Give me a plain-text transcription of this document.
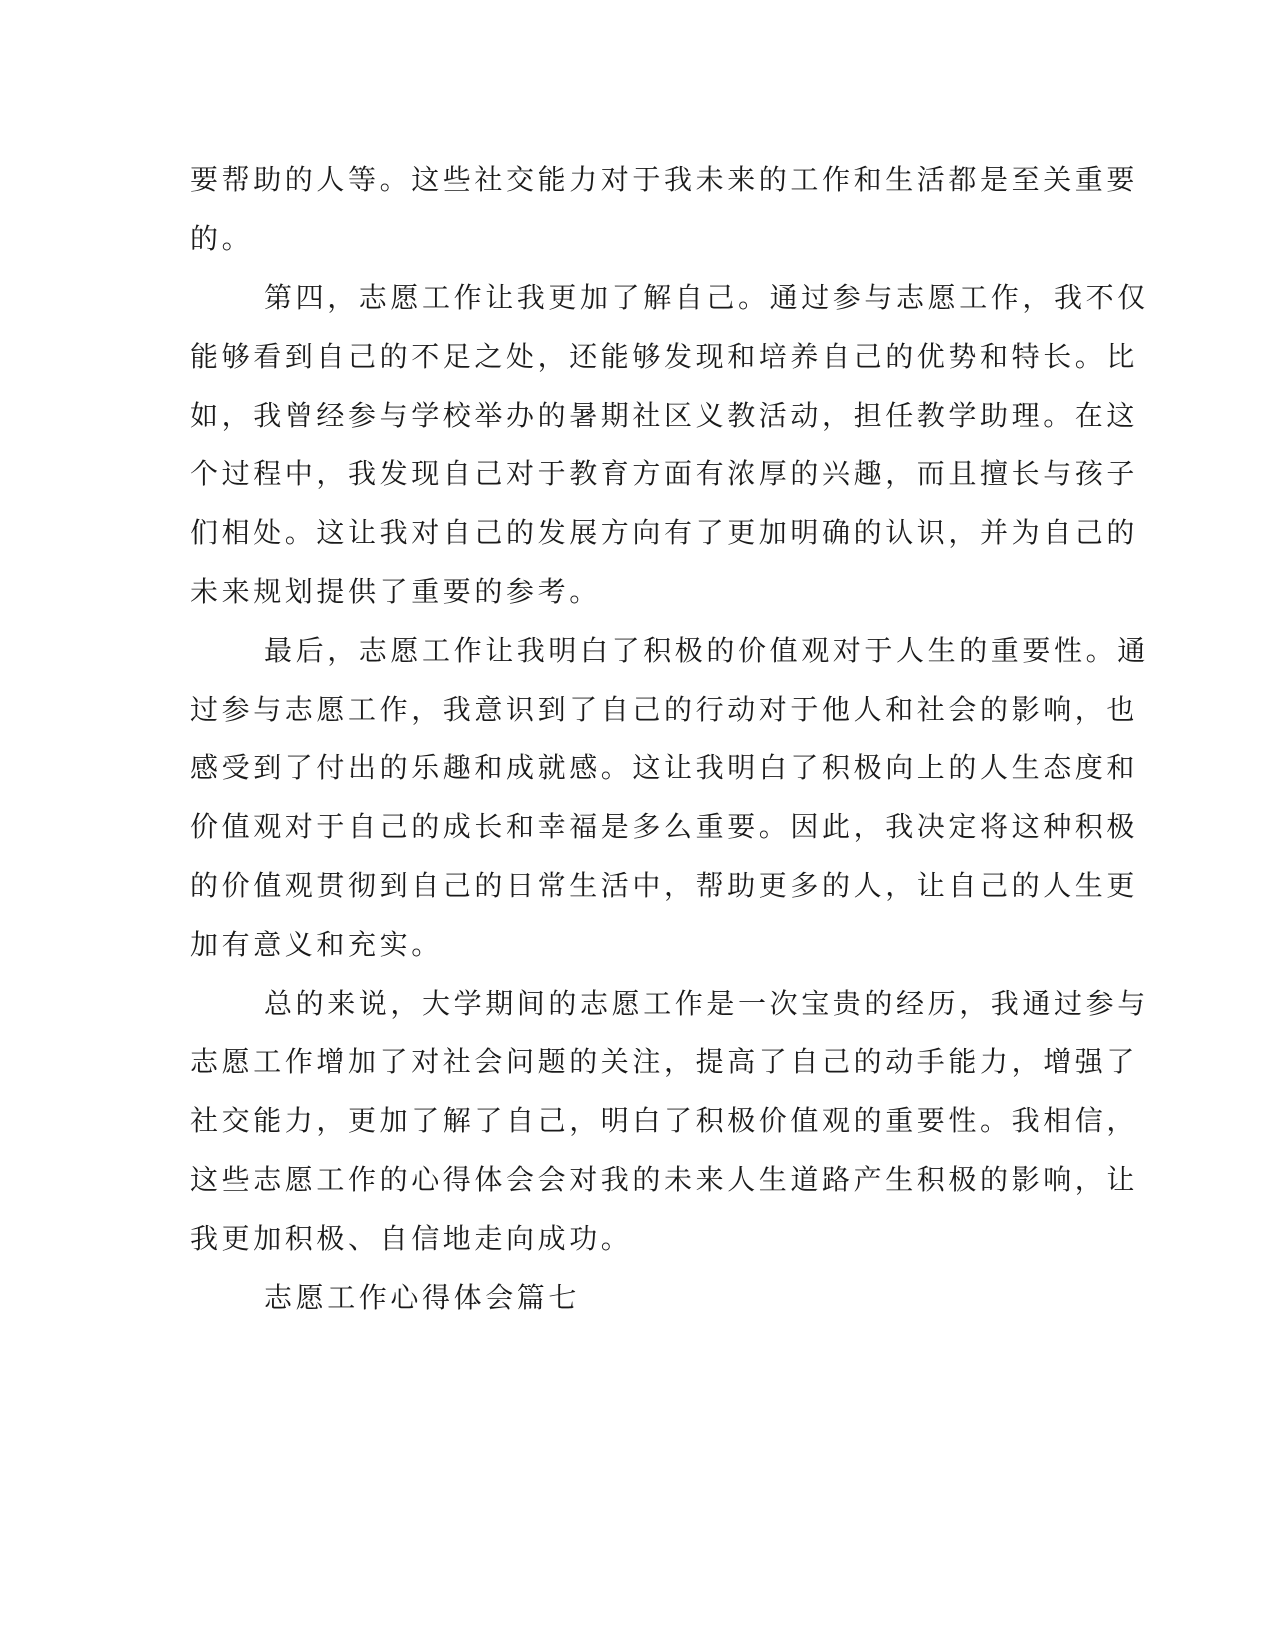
要帮助的人等。这些社交能力对于我未来的工作和生活都是至关重要
的。
第四，志愿工作让我更加了解自己。通过参与志愿工作，我不仅
能够看到自己的不足之处，还能够发现和培养自己的优势和特长。比
如，我曾经参与学校举办的暑期社区义教活动，担任教学助理。在这
个过程中，我发现自己对于教育方面有浓厚的兴趣，而且擅长与孩子
们相处。这让我对自己的发展方向有了更加明确的认识，并为自己的
未来规划提供了重要的参考。
最后，志愿工作让我明白了积极的价值观对于人生的重要性。通
过参与志愿工作，我意识到了自己的行动对于他人和社会的影响，也
感受到了付出的乐趣和成就感。这让我明白了积极向上的人生态度和
价值观对于自己的成长和幸福是多么重要。因此，我决定将这种积极
的价值观贯彻到自己的日常生活中，帮助更多的人，让自己的人生更
加有意义和充实。
总的来说，大学期间的志愿工作是一次宝贵的经历，我通过参与
志愿工作增加了对社会问题的关注，提高了自己的动手能力，增强了
社交能力，更加了解了自己，明白了积极价值观的重要性。我相信，
这些志愿工作的心得体会会对我的未来人生道路产生积极的影响，让
我更加积极、自信地走向成功。
志愿工作心得体会篇七
